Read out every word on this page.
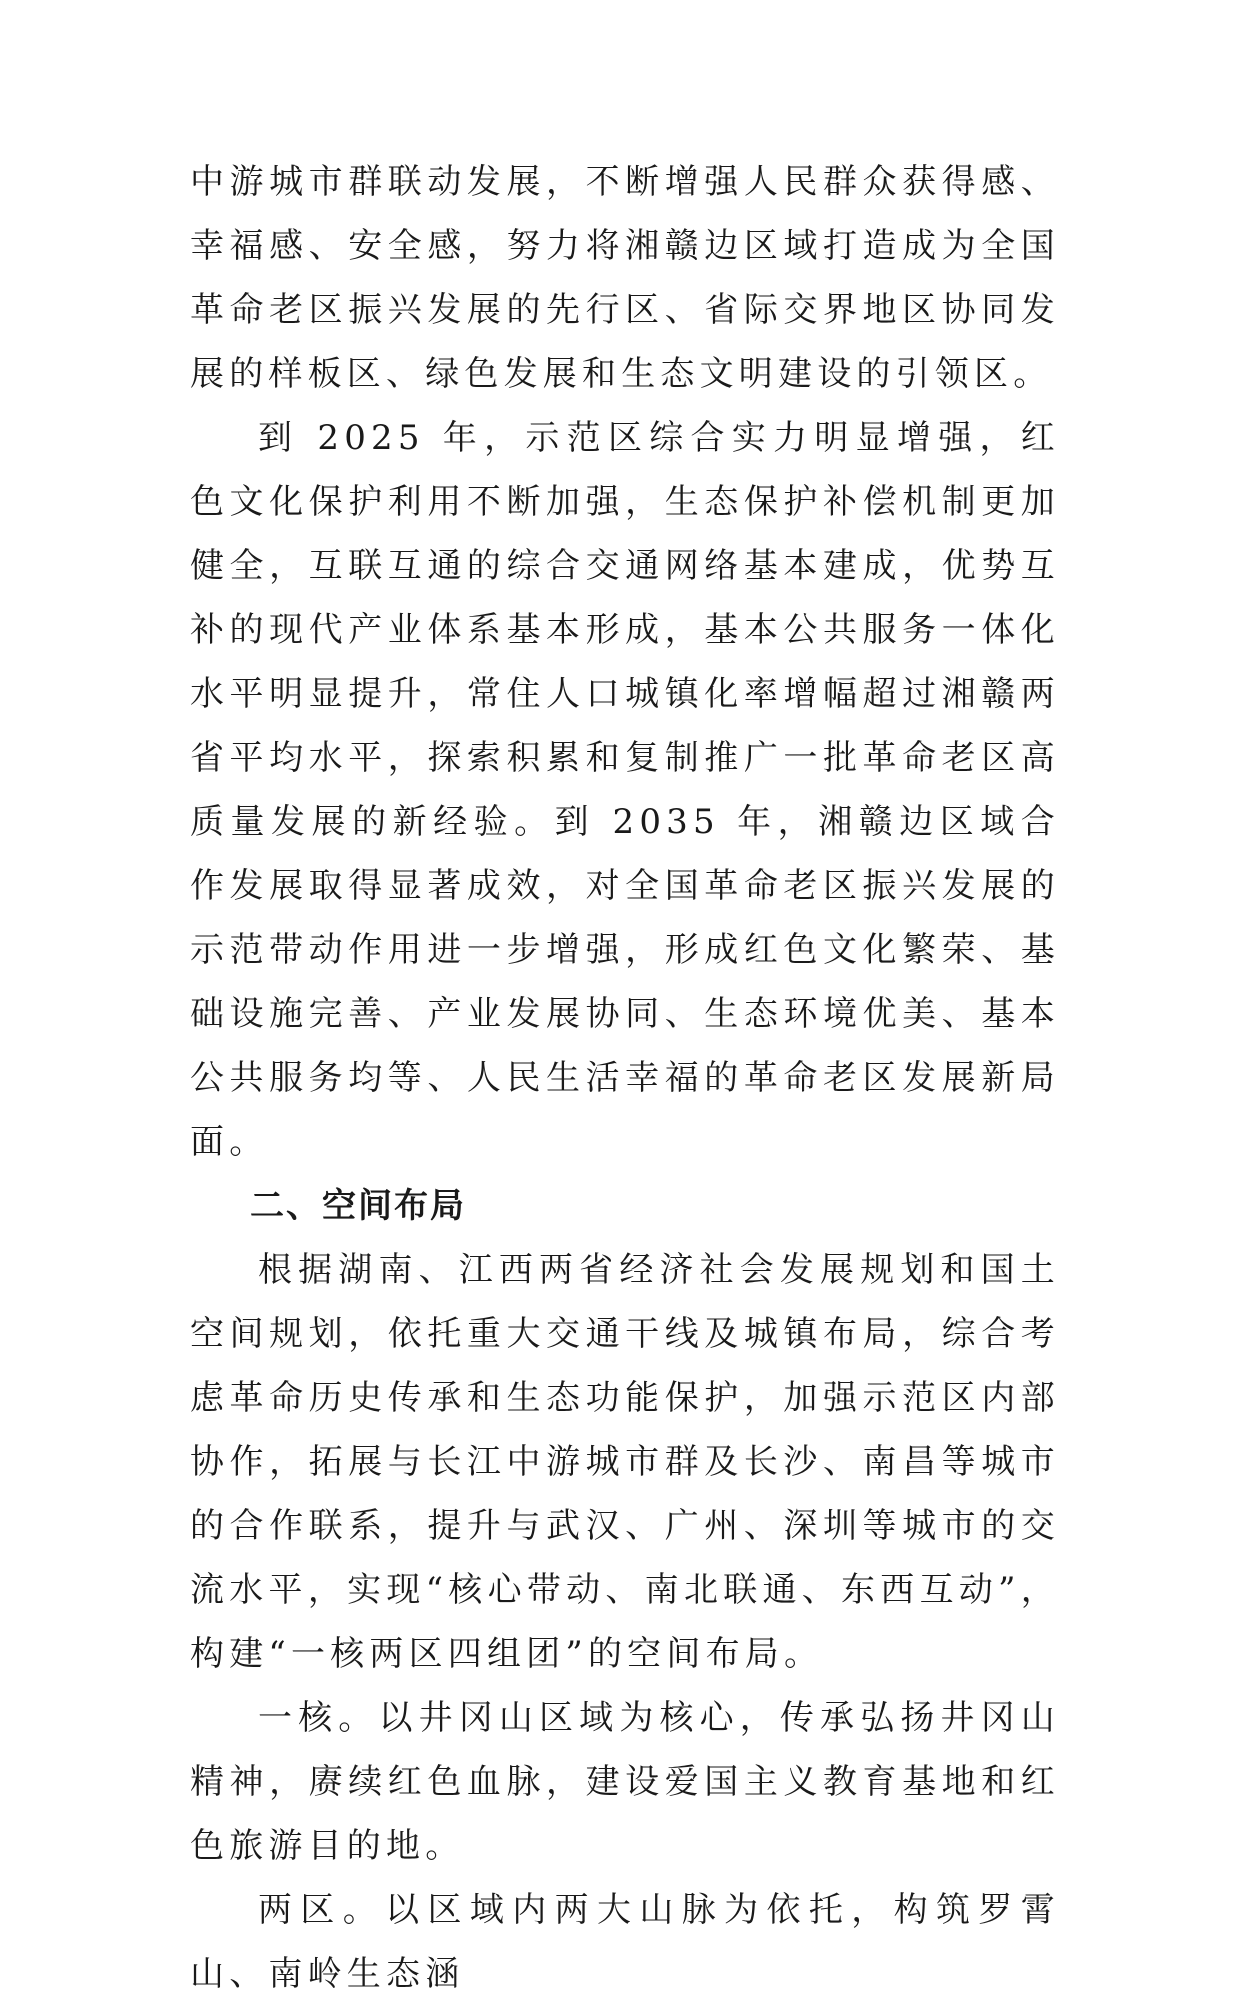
中游城市群联动发展，不断增强人民群众获得感、幸福感、安全感，努力将湘赣边区域打造成为全国革命老区振兴发展的先行区、省际交界地区协同发展的样板区、绿色发展和生态文明建设的引领区。

到 2025 年，示范区综合实力明显增强，红色文化保护利用不断加强，生态保护补偿机制更加健全，互联互通的综合交通网络基本建成，优势互补的现代产业体系基本形成，基本公共服务一体化水平明显提升，常住人口城镇化率增幅超过湘赣两省平均水平，探索积累和复制推广一批革命老区高质量发展的新经验。到 2035 年，湘赣边区域合作发展取得显著成效，对全国革命老区振兴发展的示范带动作用进一步增强，形成红色文化繁荣、基础设施完善、产业发展协同、生态环境优美、基本公共服务均等、人民生活幸福的革命老区发展新局面。

二、空间布局

根据湖南、江西两省经济社会发展规划和国土空间规划，依托重大交通干线及城镇布局，综合考虑革命历史传承和生态功能保护，加强示范区内部协作，拓展与长江中游城市群及长沙、南昌等城市的合作联系，提升与武汉、广州、深圳等城市的交流水平，实现“核心带动、南北联通、东西互动”，构建“一核两区四组团”的空间布局。

一核。以井冈山区域为核心，传承弘扬井冈山精神，赓续红色血脉，建设爱国主义教育基地和红色旅游目的地。

两区。以区域内两大山脉为依托，构筑罗霄山、南岭生态涵
